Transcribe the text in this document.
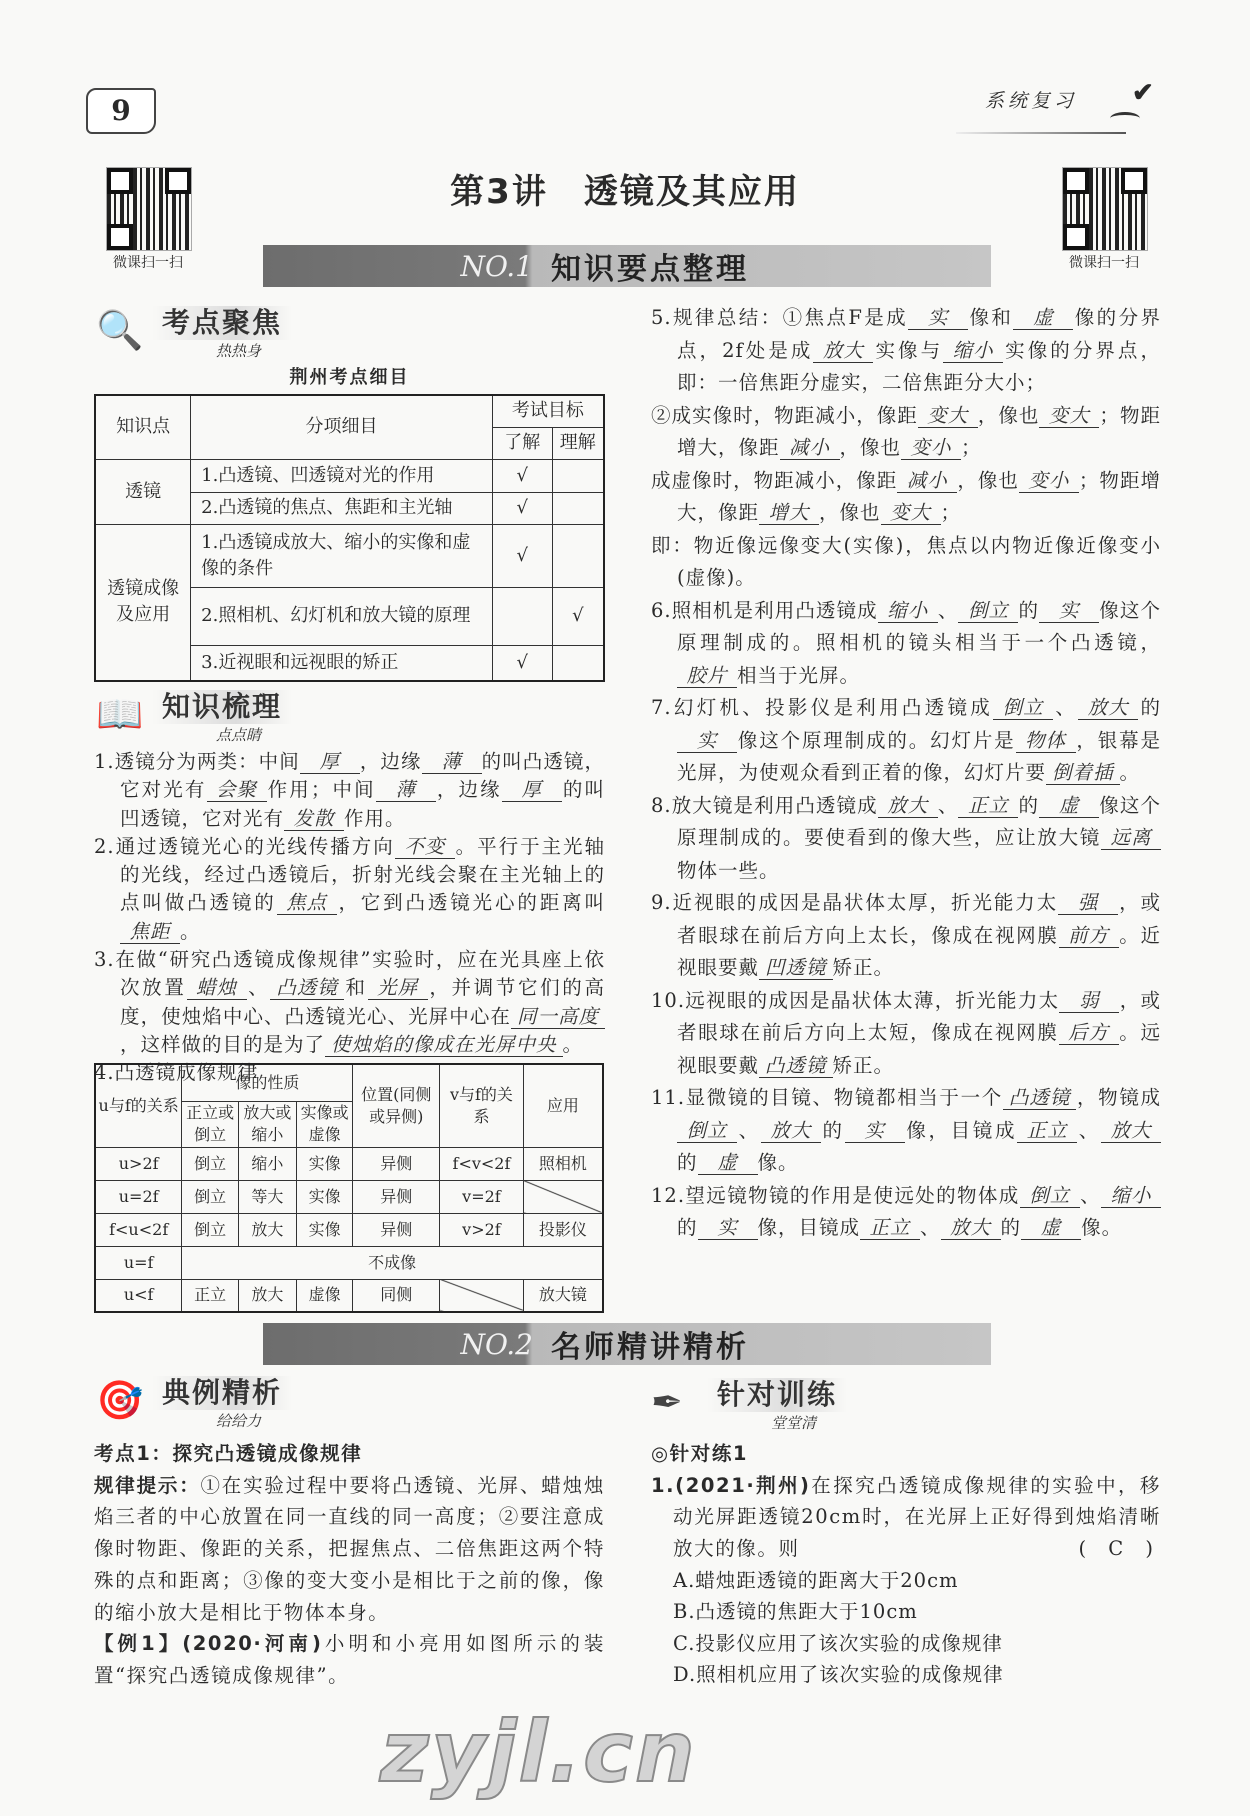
9	系统复习 ✔
微课扫一扫	微课扫一扫
第3讲　透镜及其应用
NO.1 知识要点整理
🔍 考点聚焦
热热身
荆州考点细目
知识点	分项细目	考试目标	
		了解	理解
透镜	1.凸透镜、凹透镜对光的作用	√	
	2.凸透镜的焦点、焦距和主光轴	√	
透镜成像及应用	1.凸透镜成放大、缩小的实像和虚像的条件	√	
	2.照相机、幻灯机和放大镜的原理		√
	3.近视眼和远视眼的矫正	√	
📖 知识梳理
点点睛

1.透镜分为两类：中间 厚 ，边缘 薄 的叫凸透镜，它对光有 会聚 作用；中间 薄 ，边缘 厚 的叫凹透镜，它对光有 发散 作用。

2.通过透镜光心的光线传播方向 不变 。平行于主光轴的光线，经过凸透镜后，折射光线会聚在主光轴上的点叫做凸透镜的 焦点 ，它到凸透镜光心的距离叫焦距 。

3.在做“研究凸透镜成像规律”实验时，应在光具座上依次放置 蜡烛 、 凸透镜 和 光屏 ，并调节它们的高度，使烛焰中心、凸透镜光心、光屏中心在 同一高度，这样做的目的是为了 使烛焰的像成在光屏中央 。

4.凸透镜成像规律

u与f的关系	像的性质			位置(同侧或异侧)	v与f的关系	应用
	正立或倒立	放大或缩小	实像或虚像			
u>2f	倒立	缩小	实像	异侧	f<v<2f	照相机
u=2f	倒立	等大	实像	异侧	v=2f	
f<u<2f	倒立	放大	实像	异侧	v>2f	投影仪
u=f	不成像					
u<f	正立	放大	虚像	同侧		放大镜

5.规律总结：①焦点F是成 实 像和 虚 像的分界点，2f处是成 放大 实像与 缩小 实像的分界点，即：一倍焦距分虚实，二倍焦距分大小；

②成实像时，物距减小，像距 变大 ，像也 变大 ；物距增大，像距 减小 ，像也 变小 ；

成虚像时，物距减小，像距 减小 ，像也 变小 ；物距增大，像距 增大 ，像也 变大 ；

即：物近像远像变大(实像)，焦点以内物近像近像变小(虚像)。

6.照相机是利用凸透镜成 缩小 、 倒立 的 实 像这个原理制成的。照相机的镜头相当于一个凸透镜，胶片 相当于光屏。

7.幻灯机、投影仪是利用凸透镜成 倒立 、 放大 的实 像这个原理制成的。幻灯片是 物体 ，银幕是光屏，为使观众看到正着的像，幻灯片要 倒着插 。

8.放大镜是利用凸透镜成 放大 、 正立 的 虚 像这个原理制成的。要使看到的像大些，应让放大镜 远离物体一些。

9.近视眼的成因是晶状体太厚，折光能力太 强 ，或者眼球在前后方向上太长，像成在视网膜 前方 。近视眼要戴 凹透镜 矫正。

10.远视眼的成因是晶状体太薄，折光能力太 弱 ，或者眼球在前后方向上太短，像成在视网膜 后方 。远视眼要戴 凸透镜 矫正。

11.显微镜的目镜、物镜都相当于一个 凸透镜 ，物镜成倒立 、 放大 的 实 像，目镜成 正立 、 放大的 虚 像。

12.望远镜物镜的作用是使远处的物体成 倒立 、 缩小的 实 像，目镜成 正立 、 放大 的 虚 像。

NO.2 名师精讲精析
🎯 典例精析
给给力

考点1：探究凸透镜成像规律

规律提示：①在实验过程中要将凸透镜、光屏、蜡烛烛焰三者的中心放置在同一直线的同一高度；②要注意成像时物距、像距的关系，把握焦点、二倍焦距这两个特殊的点和距离；③像的变大变小是相比于之前的像，像的缩小放大是相比于物体本身。

【例1】(2020·河南)小明和小亮用如图所示的装置“探究凸透镜成像规律”。

✒	针对训练
堂堂清

◎针对练1

1.(2021·荆州)在探究凸透镜成像规律的实验中，移动光屏距透镜20cm时，在光屏上正好得到烛焰清晰放大的像。则	( C )

A.蜡烛距透镜的距离大于20cm

B.凸透镜的焦距大于10cm

C.投影仪应用了该次实验的成像规律

D.照相机应用了该次实验的成像规律

zyjl.cn
